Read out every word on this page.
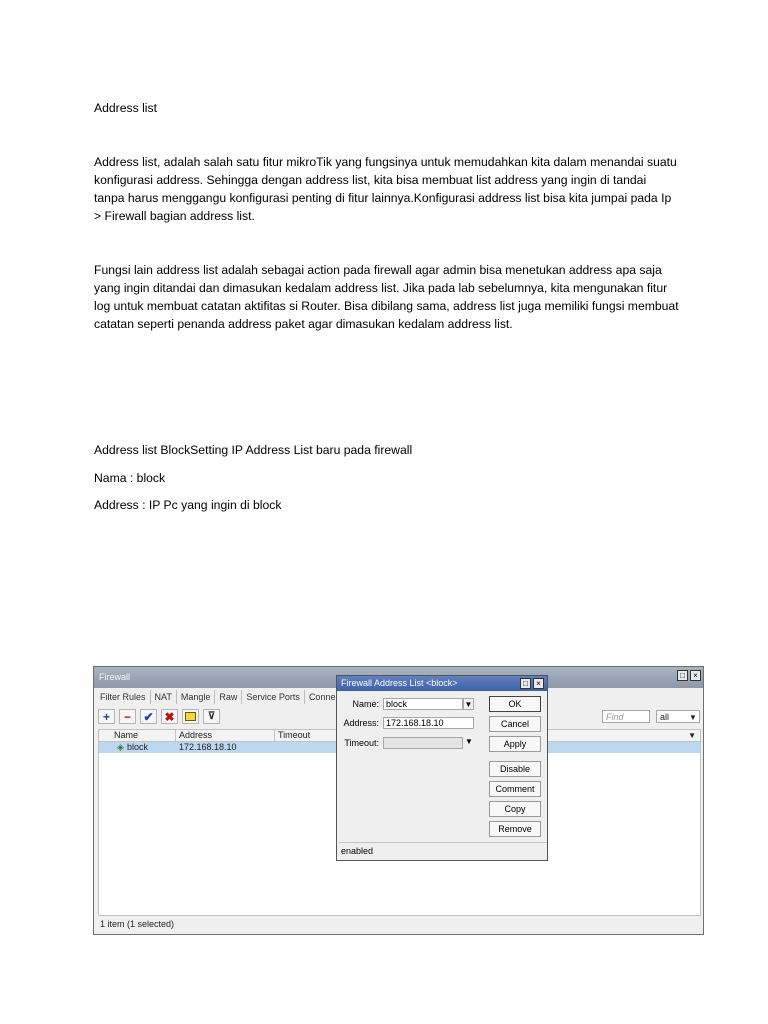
Address list

Address list, adalah salah satu fitur mikroTik yang fungsinya untuk memudahkan kita dalam menandai suatu konfigurasi address. Sehingga dengan address list, kita bisa membuat list address yang ingin di tandai tanpa harus menggangu konfigurasi penting di fitur lainnya.Konfigurasi address list bisa kita jumpai pada Ip > Firewall bagian address list.

Fungsi lain address list adalah sebagai action pada firewall agar admin bisa menetukan address apa saja yang ingin ditandai dan dimasukan kedalam address list. Jika pada lab sebelumnya, kita mengunakan fitur log untuk membuat catatan aktifitas si Router. Bisa dibilang sama, address list juga memiliki fungsi membuat catatan seperti penanda address paket agar dimasukan kedalam address list.

Address list BlockSetting IP Address List baru pada firewall

Nama : block

Address : IP Pc yang ingin di block

Firewall	□	×
Filter Rules	NAT	Mangle	Raw	Service Ports	Conne
+	−	✔ ✖	⊽	Find	all	▼
Name	Address	Timeout	▼
◈ block	172.168.18.10
1 item (1 selected)
Firewall Address List <block>	□	×
Name: block	▼
Address: 172.168.18.10
Timeout:	▼
OK
Cancel
Apply
Disable
Comment
Copy
Remove
enabled
